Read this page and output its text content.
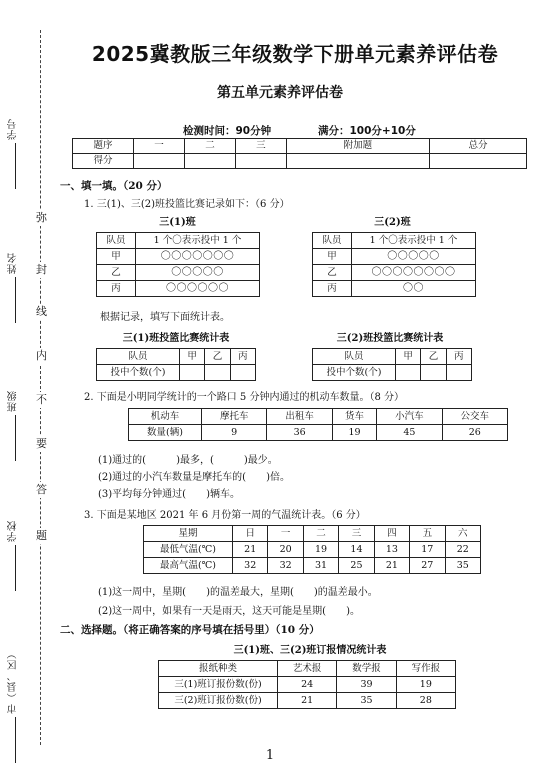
弥
封
线
内
不
要
答
题
学号
姓名
班级
学校
市（县、区）
2025冀教版三年级数学下册单元素养评估卷
第五单元素养评估卷
检测时间：90分钟	满分：100分+10分
题序	一	二	三	附加题	总分
得分					
一、填一填。（20 分）
1. 三(1)、三(2)班投篮比赛记录如下：（6 分）
三(1)班	三(2)班
队员	1 个〇表示投中 1 个
甲	〇〇〇〇〇〇〇
乙	〇〇〇〇〇
丙	〇〇〇〇〇〇
队员	1 个〇表示投中 1 个
甲	〇〇〇〇〇
乙	〇〇〇〇〇〇〇〇
丙	〇〇
根据记录，填写下面统计表。
三(1)班投篮比赛统计表	三(2)班投篮比赛统计表
队员	甲	乙	丙
投中个数(个)			
队员	甲	乙	丙
投中个数(个)			
2. 下面是小明同学统计的一个路口 5 分钟内通过的机动车数量。（8 分）
机动车	摩托车	出租车	货车	小汽车	公交车
数量(辆)	9	36	19	45	26
(1)通过的(　　　)最多，(　　　)最少。
(2)通过的小汽车数量是摩托车的(　　)倍。
(3)平均每分钟通过(　　)辆车。
3. 下面是某地区 2021 年 6 月份第一周的气温统计表。（6 分）
星期	日	一	二	三	四	五	六
最低气温(℃)	21	20	19	14	13	17	22
最高气温(℃)	32	32	31	25	21	27	35
(1)这一周中，星期(　　)的温差最大，星期(　　)的温差最小。
(2)这一周中，如果有一天是雨天，这天可能是星期(　　)。
二、选择题。（将正确答案的序号填在括号里）（10 分）
三(1)班、三(2)班订报情况统计表
报纸种类	艺术报	数学报	写作报
三(1)班订报份数(份)	24	39	19
三(2)班订报份数(份)	21	35	28
1
